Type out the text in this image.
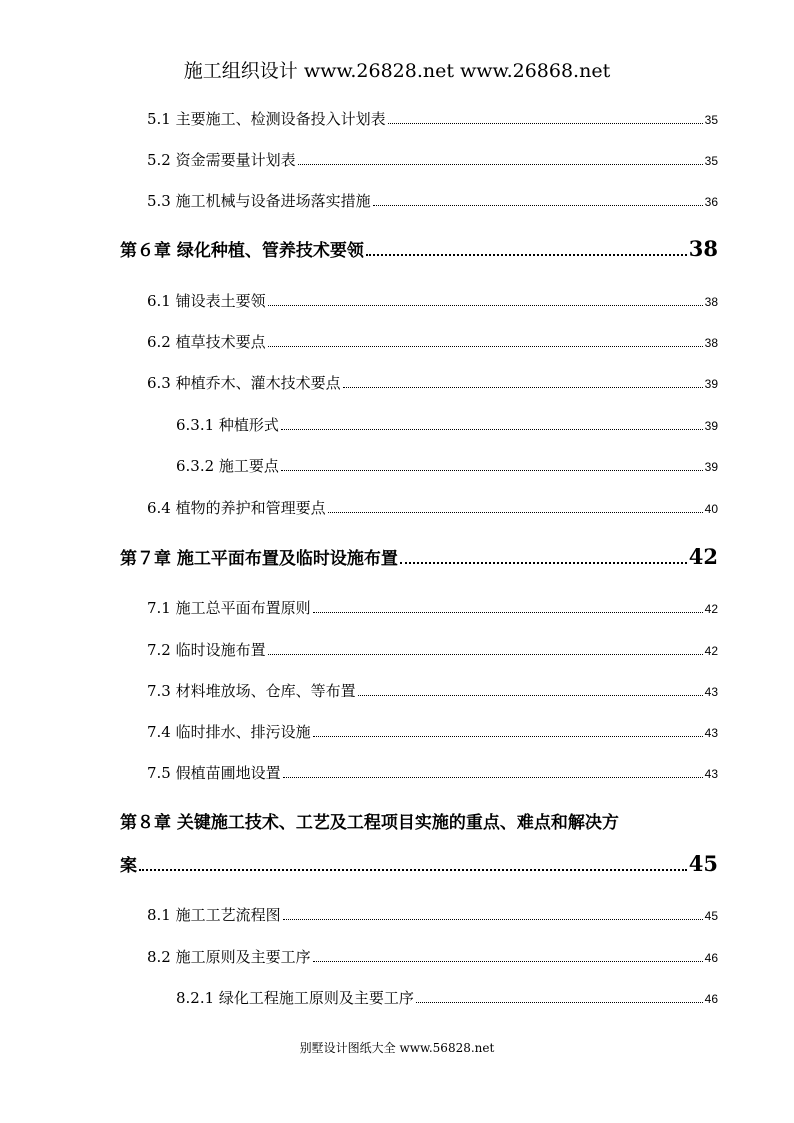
施工组织设计 www.26828.net www.26868.net
5.1 主要施工、检测设备投入计划表	35
5.2 资金需要量计划表	35
5.3 施工机械与设备进场落实措施	36
第６章 绿化种植、管养技术要领	38
6.1 铺设表土要领	38
6.2 植草技术要点	38
6.3 种植乔木、灌木技术要点	39
6.3.1 种植形式	39
6.3.2 施工要点	39
6.4 植物的养护和管理要点	40
第７章 施工平面布置及临时设施布置	42
7.1 施工总平面布置原则	42
7.2 临时设施布置	42
7.3 材料堆放场、仓库、等布置	43
7.4 临时排水、排污设施	43
7.5 假植苗圃地设置	43
第８章 关键施工技术、工艺及工程项目实施的重点、难点和解决方
案	45
8.1 施工工艺流程图	45
8.2 施工原则及主要工序	46
8.2.1 绿化工程施工原则及主要工序	46
别墅设计图纸大全 www.56828.net
